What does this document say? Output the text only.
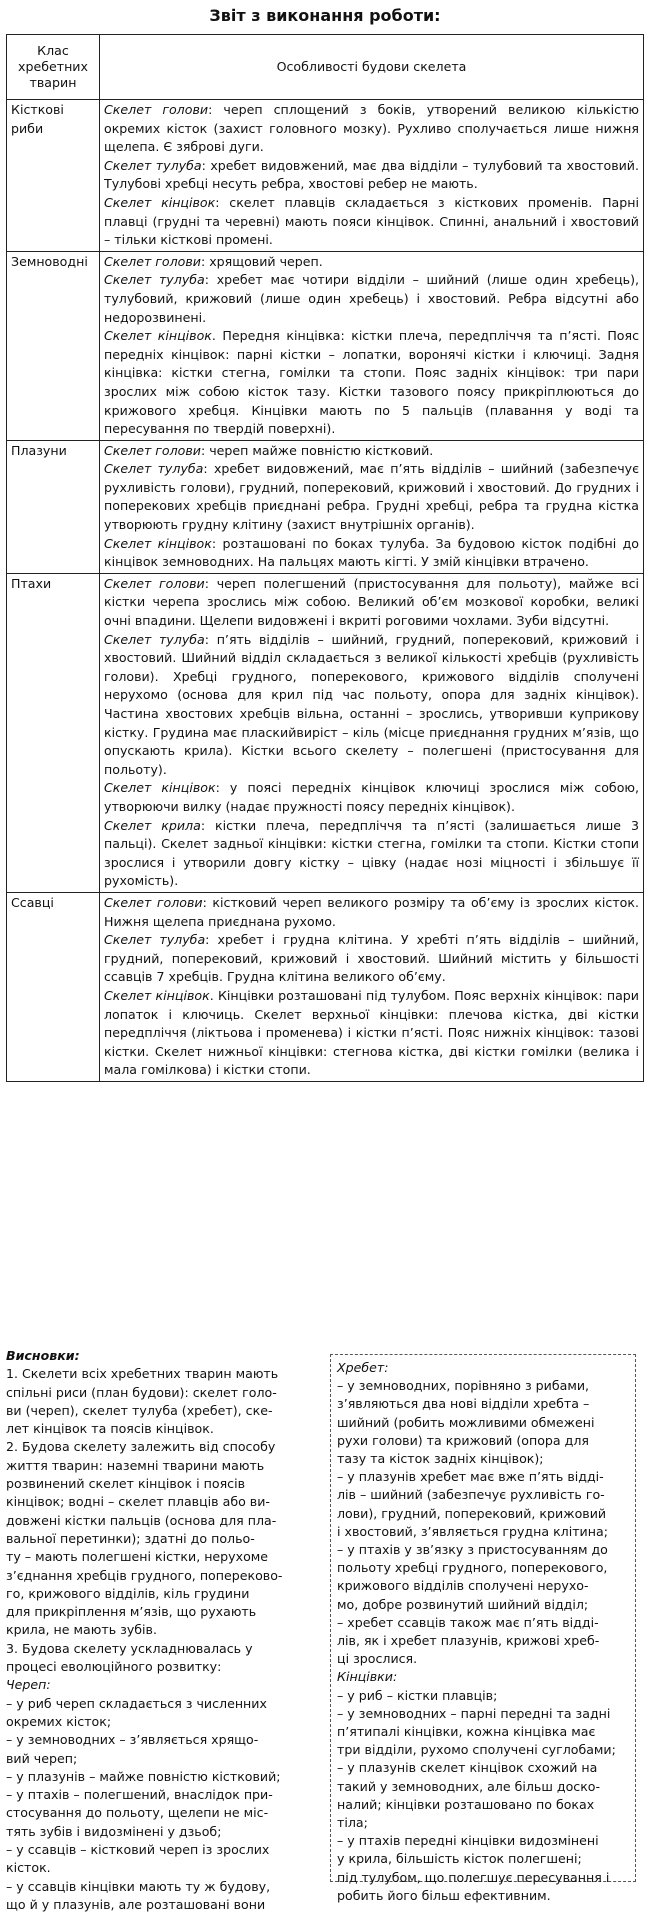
Звіт з виконання роботи:
Клас хребетних тварин	Особливості будови скелета
Кісткові риби	Скелет голови: череп сплощений з боків, утворений великою кількістю окремих кісток (захист головного мозку). Рухливо сполучається лише нижня щелепа. Є зяброві дуги.
Скелет тулуба: хребет видовжений, має два відділи – тулубовий та хвостовий. Тулубові хребці несуть ребра, хвостові ребер не мають.
Скелет кінцівок: скелет плавців складається з кісткових променів. Парні плавці (грудні та черевні) мають пояси кінцівок. Спинні, анальний і хвостовий – тільки кісткові промені.

Земноводні	Скелет голови: хрящовий череп.
Скелет тулуба: хребет має чотири відділи – шийний (лише один хребець), тулубовий, крижовий (лише один хребець) і хвостовий. Ребра відсутні або недорозвинені.
Скелет кінцівок. Передня кінцівка: кістки плеча, передпліччя та п’ясті. Пояс передніх кінцівок: парні кістки – лопатки, воронячі кістки і ключиці. Задня кінцівка: кістки стегна, гомілки та стопи. Пояс задніх кінцівок: три пари зрослих між собою кісток тазу. Кістки тазового поясу прикріплюються до крижового хребця. Кінцівки мають по 5 пальців (плавання у воді та пересування по твердій поверхні).

Плазуни	Скелет голови: череп майже повністю кістковий.
Скелет тулуба: хребет видовжений, має п’ять відділів – шийний (забезпечує рухливість голови), грудний, поперековий, крижовий і хвостовий. До грудних і поперекових хребців приєднані ребра. Грудні хребці, ребра та грудна кістка утворюють грудну клітину (захист внутрішніх органів).
Скелет кінцівок: розташовані по боках тулуба. За будовою кісток подібні до кінцівок земноводних. На пальцях мають кігті. У змій кінцівки втрачено.

Птахи	Скелет голови: череп полегшений (пристосування для польоту), майже всі кістки черепа зрослись між собою. Великий об’єм мозкової коробки, великі очні впадини. Щелепи видовжені і вкриті роговими чохлами. Зуби відсутні.
Скелет тулуба: п’ять відділів – шийний, грудний, поперековий, крижовий і хвостовий. Шийний відділ складається з великої кількості хребців (рухливість голови). Хребці грудного, поперекового, крижового відділів сполучені нерухомо (основа для крил під час польоту, опора для задніх кінцівок). Частина хвостових хребців вільна, останні – зрослись, утворивши куприкову кістку. Грудина має пласкийвиріст – кіль (місце приєднання грудних м’язів, що опускають крила). Кістки всього скелету – полегшені (пристосування для польоту).
Скелет кінцівок: у поясі передніх кінцівок ключиці зрослися між собою, утворюючи вилку (надає пружності поясу передніх кінцівок).
Скелет крила: кістки плеча, передпліччя та п’ясті (залишається лише 3 пальці). Скелет задньої кінцівки: кістки стегна, гомілки та стопи. Кістки стопи зрослися і утворили довгу кістку – цівку (надає нозі міцності і збільшує її рухомість).

Ссавці	Скелет голови: кістковий череп великого розміру та об’єму із зрослих кісток. Нижня щелепа приєднана рухомо.
Скелет тулуба: хребет і грудна клітина. У хребті п’ять відділів – шийний, грудний, поперековий, крижовий і хвостовий. Шийний містить у більшості ссавців 7 хребців. Грудна клітина великого об’єму.
Скелет кінцівок. Кінцівки розташовані під тулубом. Пояс верхніх кінцівок: пари лопаток і ключиць. Скелет верхньої кінцівки: плечова кістка, дві кістки передпліччя (ліктьова і променева) і кістки п’ясті. Пояс нижніх кінцівок: тазові кістки. Скелет нижньої кінцівки: стегнова кістка, дві кістки гомілки (велика і мала гомілкова) і кістки стопи.
Висновки:
1. Скелети всіх хребетних тварин мають
спільні риси (план будови): скелет голо-
ви (череп), скелет тулуба (хребет), ске-
лет кінцівок та поясів кінцівок.
2. Будова скелету залежить від способу
життя тварин: наземні тварини мають
розвинений скелет кінцівок і поясів
кінцівок; водні – скелет плавців або ви-
довжені кістки пальців (основа для пла-
вальної перетинки); здатні до польо-
ту – мають полегшені кістки, нерухоме
з’єднання хребців грудного, попереково-
го, крижового відділів, кіль грудини
для прикріплення м’язів, що рухають
крила, не мають зубів.
3. Будова скелету ускладнювалась у
процесі еволюційного розвитку:
Череп:
– у риб череп складається з численних
окремих кісток;
– у земноводних – з’являється хрящо-
вий череп;
– у плазунів – майже повністю кістковий;
– у птахів – полегшений, внаслідок при-
стосування до польоту, щелепи не міс-
тять зубів і видозмінені у дзьоб;
– у ссавців – кістковий череп із зрослих
кісток.
– у ссавців кінцівки мають ту ж будову,
що й у плазунів, але розташовані вони
Хребет:
– у земноводних, порівняно з рибами,
з’являються два нові відділи хребта –
шийний (робить можливими обмежені
рухи голови) та крижовий (опора для
тазу та кісток задніх кінцівок);
– у плазунів хребет має вже п’ять відді-
лів – шийний (забезпечує рухливість го-
лови), грудний, поперековий, крижовий
і хвостовий, з’являється грудна клітина;
– у птахів у зв’язку з пристосуванням до
польоту хребці грудного, поперекового,
крижового відділів сполучені неруxо-
мо, добре розвинутий шийний відділ;
– хребет ссавців також має п’ять відді-
лів, як і хребет плазунів, крижові хреб-
ці зрослися.
Кінцівки:
– у риб – кістки плавців;
– у земноводних – парні передні та задні
п’ятипалі кінцівки, кожна кінцівка має
три відділи, рухомо сполучені суглобами;
– у плазунів скелет кінцівок схожий на
такий у земноводних, але більш доско-
налий; кінцівки розташовано по боках
тіла;
– у птахів передні кінцівки видозмінені
у крила, більшість кісток полегшені;
під тулубом, що полегшує пересування і
робить його більш ефективним.
